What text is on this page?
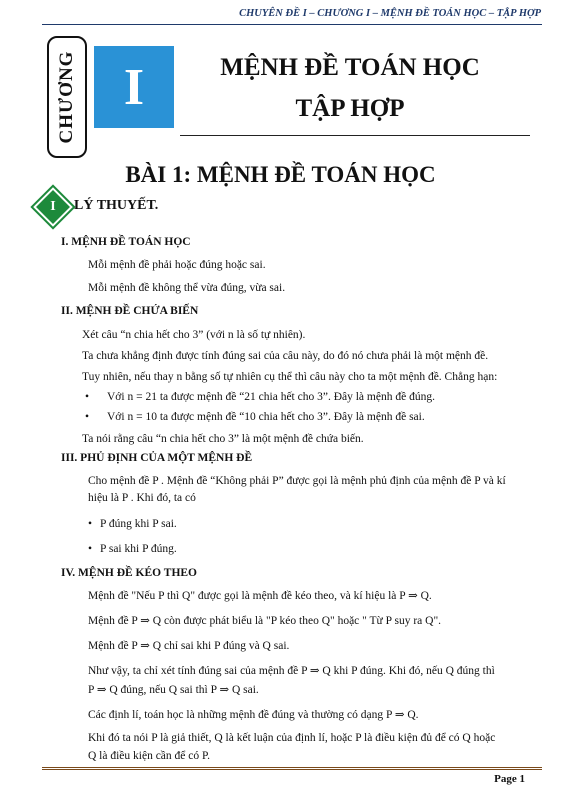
CHUYÊN ĐỀ I – CHƯƠNG I – MỆNH ĐỀ TOÁN HỌC – TẬP HỢP
CHƯƠNG I	MỆNH ĐỀ TOÁN HỌC
TẬP HỢP
BÀI 1: MỆNH ĐỀ TOÁN HỌC
I	LÝ THUYẾT.
I. MỆNH ĐỀ TOÁN HỌC
Mỗi mệnh đề phải hoặc đúng hoặc sai.
Mỗi mệnh đề không thể vừa đúng, vừa sai.
II. MỆNH ĐỀ CHỨA BIẾN
Xét câu “n chia hết cho 3” (với n là số tự nhiên).
Ta chưa khẳng định được tính đúng sai của câu này, do đó nó chưa phải là một mệnh đề.
Tuy nhiên, nếu thay n bằng số tự nhiên cụ thể thì câu này cho ta một mệnh đề. Chẳng hạn:
• Với n = 21 ta được mệnh đề “21 chia hết cho 3”. Đây là mệnh đề đúng.
• Với n = 10 ta được mệnh đề “10 chia hết cho 3”. Đây là mệnh đề sai.
Ta nói rằng câu “n chia hết cho 3” là một mệnh đề chứa biến.
III. PHỦ ĐỊNH CỦA MỘT MỆNH ĐỀ
Cho mệnh đề P . Mệnh đề “Không phải P” được gọi là mệnh phủ định của mệnh đề P và kí
hiệu là P . Khi đó, ta có
• P đúng khi P sai.
• P sai khi P đúng.
IV. MỆNH ĐỀ KÉO THEO
Mệnh đề "Nếu P thì Q" được gọi là mệnh đề kéo theo, và kí hiệu là P ⇒ Q.
Mệnh đề P ⇒ Q còn được phát biểu là "P kéo theo Q" hoặc " Từ P suy ra Q".
Mệnh đề P ⇒ Q chỉ sai khi P đúng và Q sai.
Như vậy, ta chỉ xét tính đúng sai của mệnh đề P ⇒ Q khi P đúng. Khi đó, nếu Q đúng thì
P ⇒ Q đúng, nếu Q sai thì P ⇒ Q sai.
Các định lí, toán học là những mệnh đề đúng và thường có dạng P ⇒ Q.
Khi đó ta nói P là giả thiết, Q là kết luận của định lí, hoặc P là điều kiện đủ để có Q hoặc
Q là điều kiện cần để có P.
Page 1
